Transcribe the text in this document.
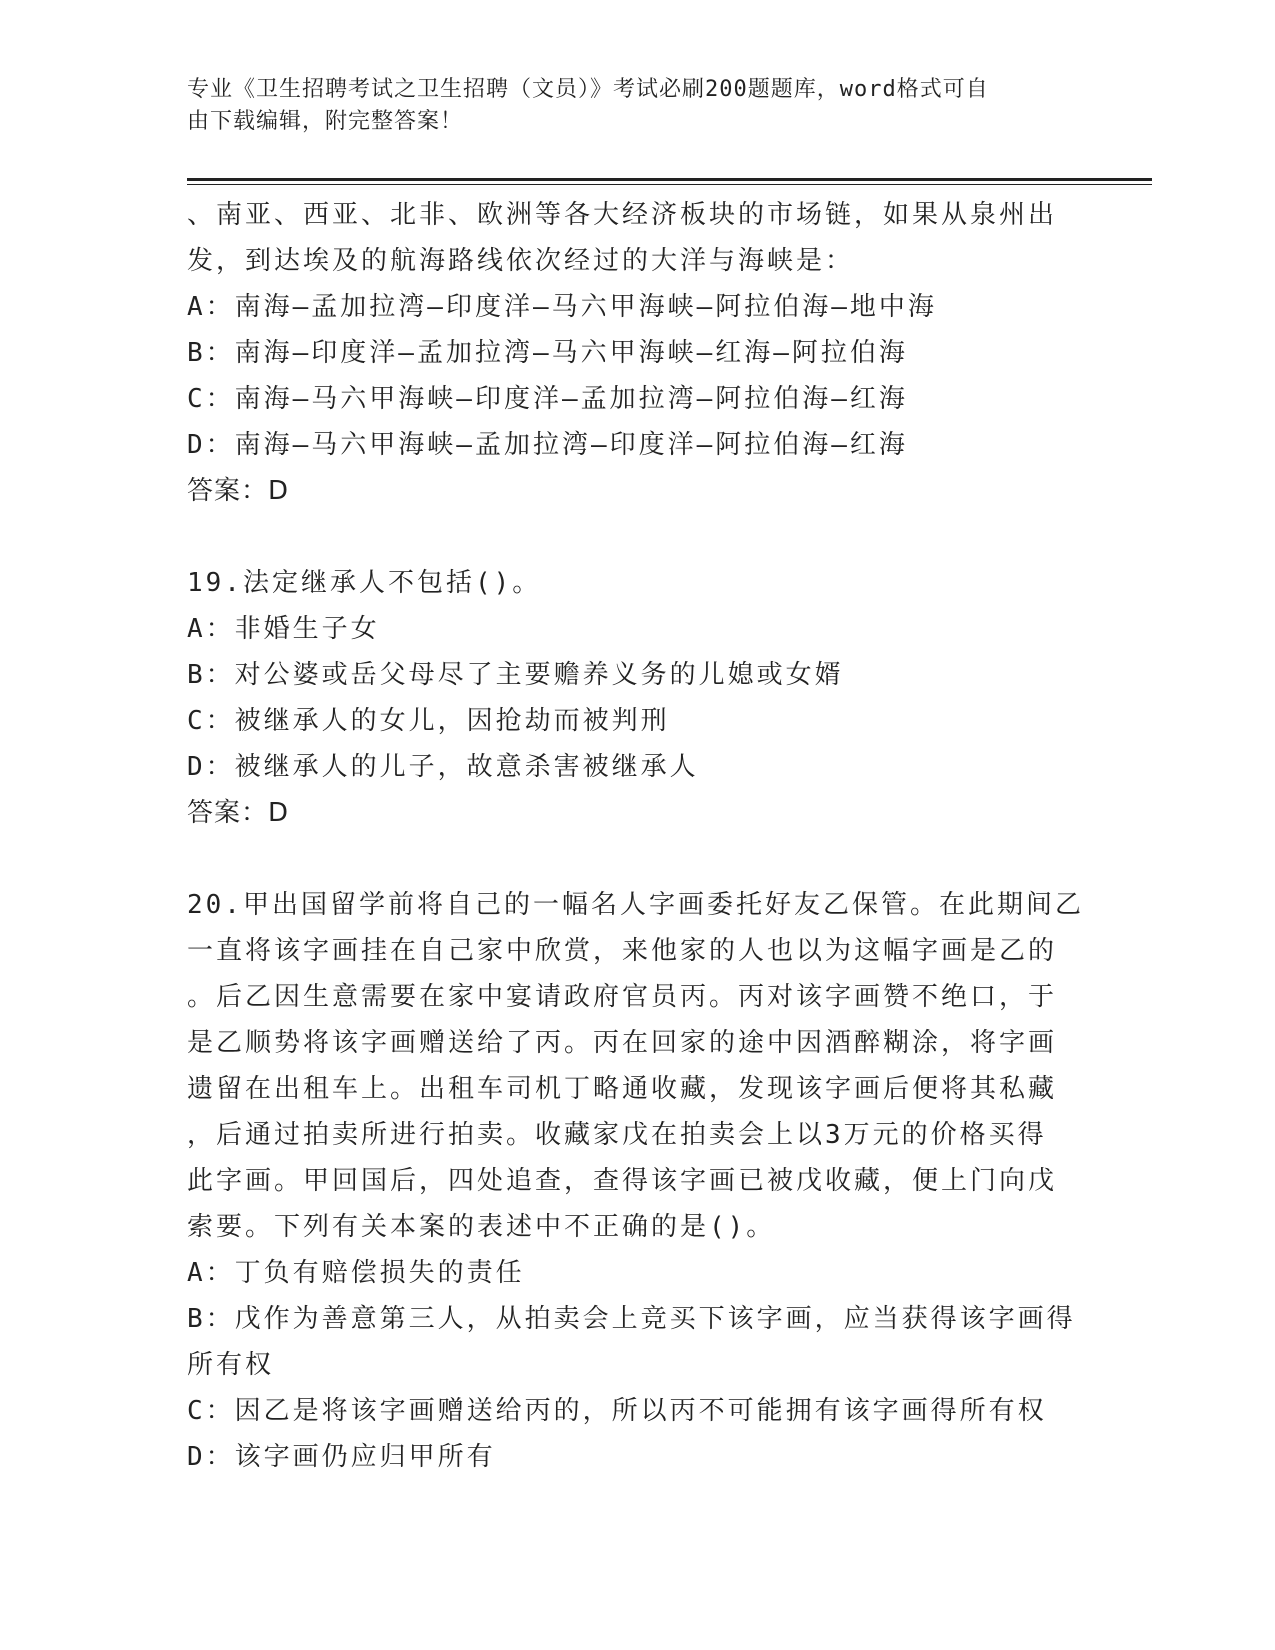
专业《卫生招聘考试之卫生招聘（文员）》考试必刷200题题库，word格式可自
由下载编辑，附完整答案！
、南亚、西亚、北非、欧洲等各大经济板块的市场链，如果从泉州出
发，到达埃及的航海路线依次经过的大洋与海峡是：
A：南海—孟加拉湾—印度洋—马六甲海峡—阿拉伯海—地中海
B：南海—印度洋—孟加拉湾—马六甲海峡—红海—阿拉伯海
C：南海—马六甲海峡—印度洋—孟加拉湾—阿拉伯海—红海
D：南海—马六甲海峡—孟加拉湾—印度洋—阿拉伯海—红海
答案：D
19.法定继承人不包括()。
A：非婚生子女
B：对公婆或岳父母尽了主要赡养义务的儿媳或女婿
C：被继承人的女儿，因抢劫而被判刑
D：被继承人的儿子，故意杀害被继承人
答案：D
20.甲出国留学前将自己的一幅名人字画委托好友乙保管。在此期间乙
一直将该字画挂在自己家中欣赏，来他家的人也以为这幅字画是乙的
。后乙因生意需要在家中宴请政府官员丙。丙对该字画赞不绝口，于
是乙顺势将该字画赠送给了丙。丙在回家的途中因酒醉糊涂，将字画
遗留在出租车上。出租车司机丁略通收藏，发现该字画后便将其私藏
，后通过拍卖所进行拍卖。收藏家戊在拍卖会上以3万元的价格买得
此字画。甲回国后，四处追查，查得该字画已被戊收藏，便上门向戊
索要。下列有关本案的表述中不正确的是()。
A：丁负有赔偿损失的责任
B：戊作为善意第三人，从拍卖会上竞买下该字画，应当获得该字画得
所有权
C：因乙是将该字画赠送给丙的，所以丙不可能拥有该字画得所有权
D：该字画仍应归甲所有
